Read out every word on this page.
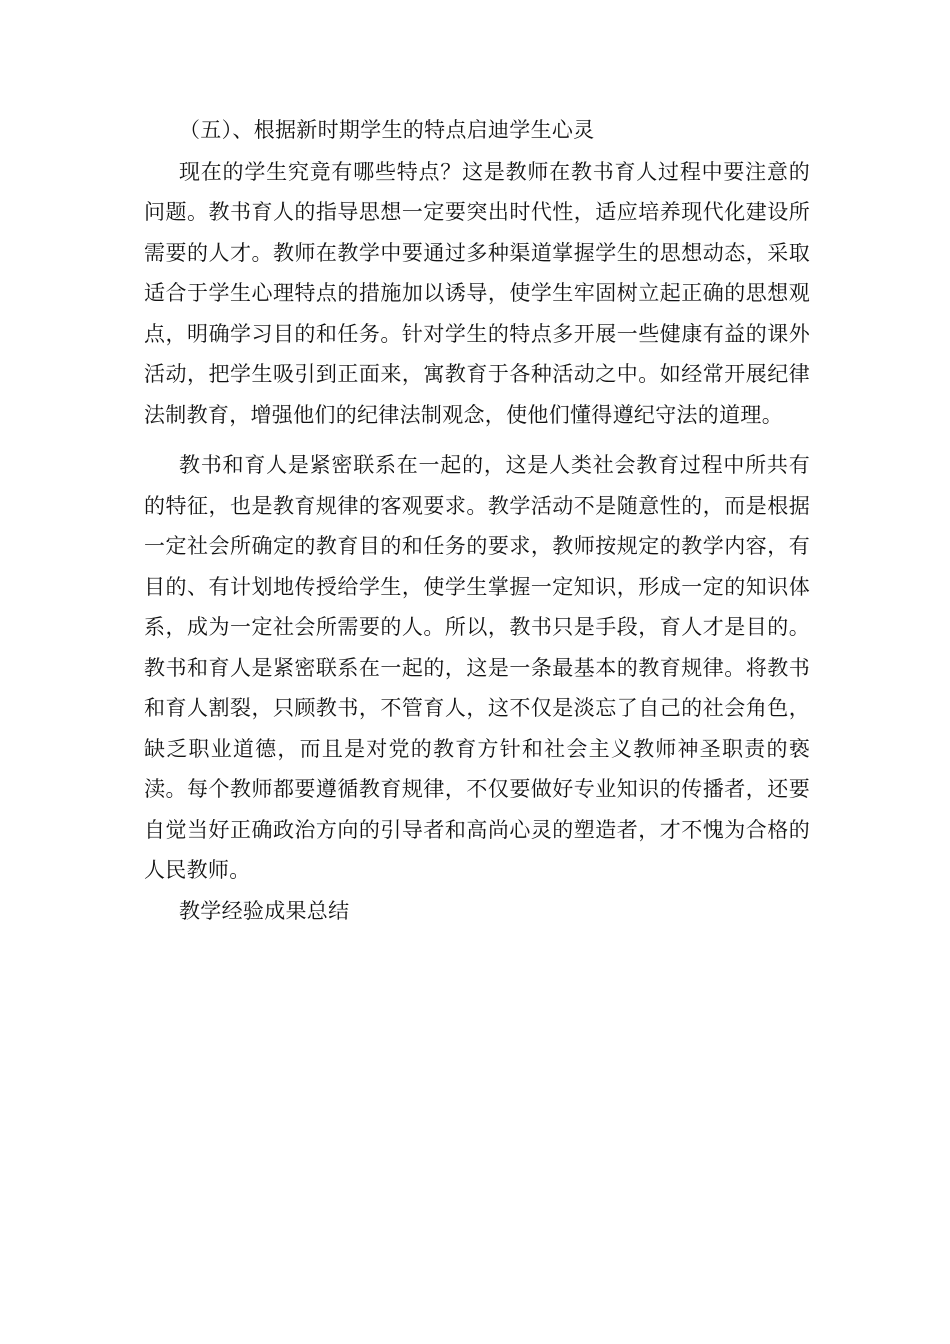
（五）、根据新时期学生的特点启迪学生心灵

现在的学生究竟有哪些特点？这是教师在教书育人过程中要注意的问题。教书育人的指导思想一定要突出时代性，适应培养现代化建设所需要的人才。教师在教学中要通过多种渠道掌握学生的思想动态，采取适合于学生心理特点的措施加以诱导，使学生牢固树立起正确的思想观点，明确学习目的和任务。针对学生的特点多开展一些健康有益的课外活动，把学生吸引到正面来，寓教育于各种活动之中。如经常开展纪律法制教育，增强他们的纪律法制观念，使他们懂得遵纪守法的道理。

教书和育人是紧密联系在一起的，这是人类社会教育过程中所共有的特征，也是教育规律的客观要求。教学活动不是随意性的，而是根据一定社会所确定的教育目的和任务的要求，教师按规定的教学内容，有目的、有计划地传授给学生，使学生掌握一定知识，形成一定的知识体系，成为一定社会所需要的人。所以，教书只是手段，育人才是目的。教书和育人是紧密联系在一起的，这是一条最基本的教育规律。将教书和育人割裂，只顾教书，不管育人，这不仅是淡忘了自己的社会角色，缺乏职业道德，而且是对党的教育方针和社会主义教师神圣职责的亵渎。每个教师都要遵循教育规律，不仅要做好专业知识的传播者，还要自觉当好正确政治方向的引导者和高尚心灵的塑造者，才不愧为合格的人民教师。

教学经验成果总结
